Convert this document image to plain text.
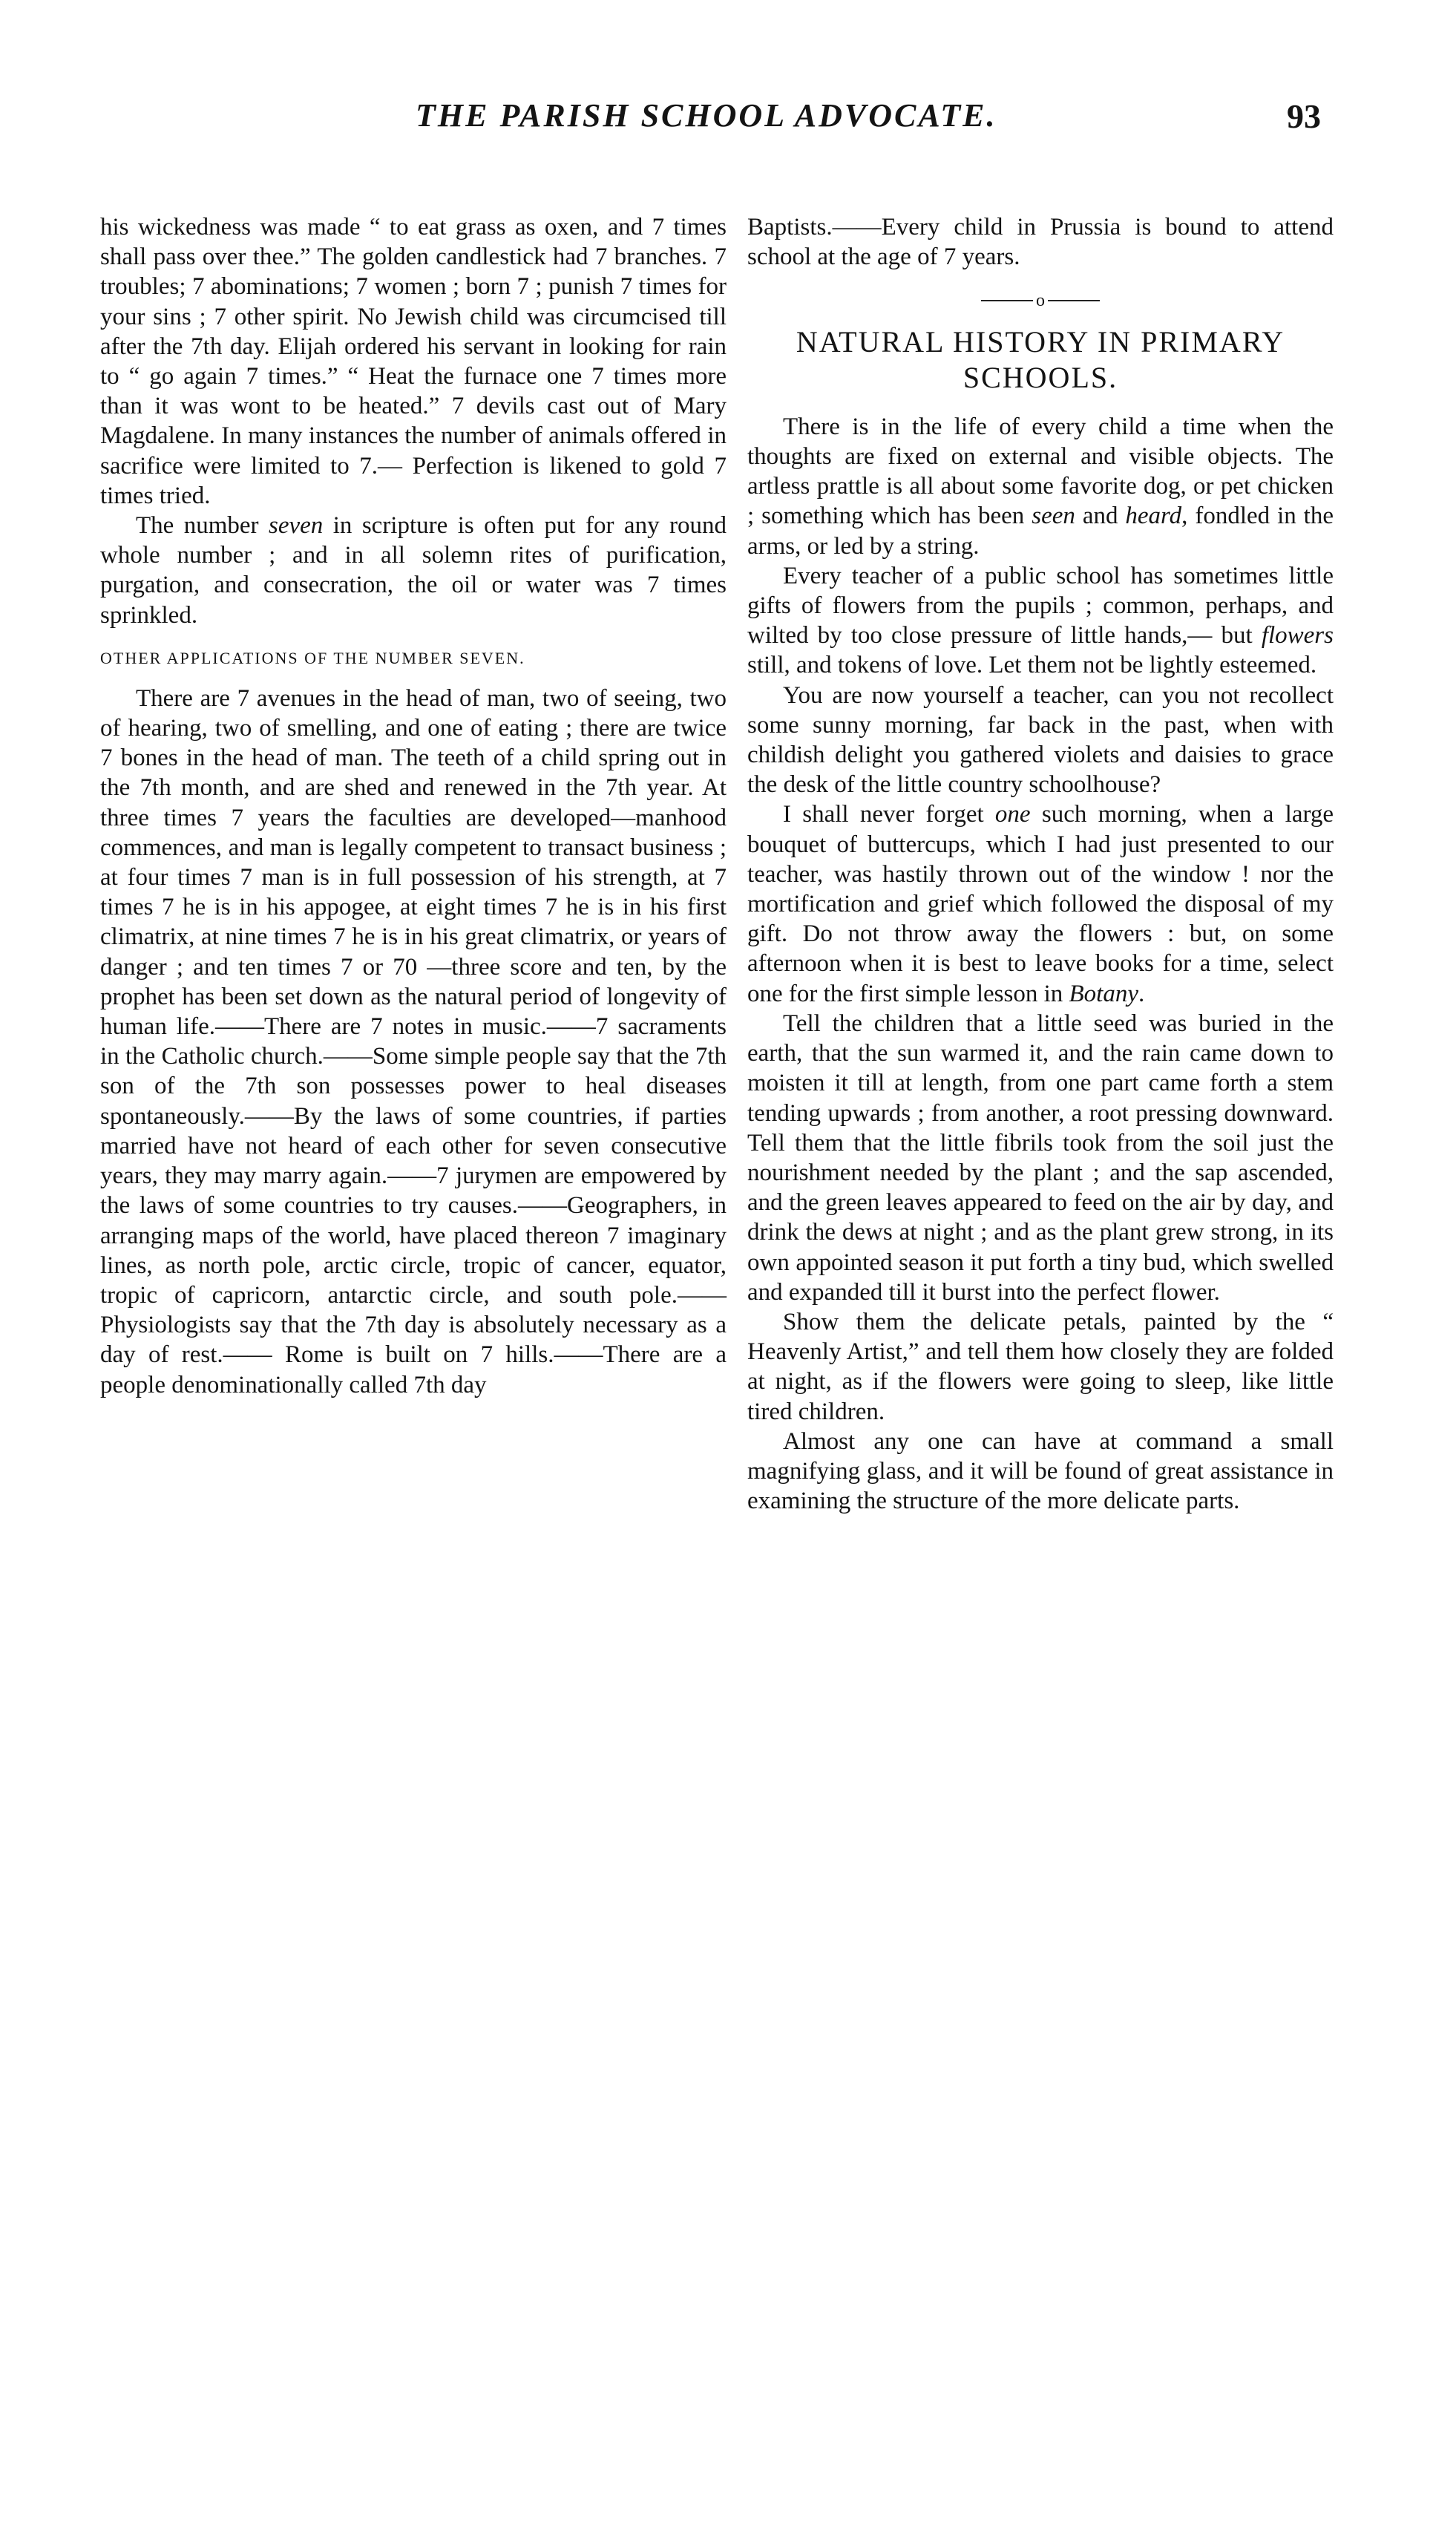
THE PARISH SCHOOL ADVOCATE.	93

his wickedness was made “ to eat grass as oxen, and 7 times shall pass over thee.” The golden candlestick had 7 branches. 7 troubles; 7 abominations; 7 women ; born 7 ; punish 7 times for your sins ; 7 other spirit. No Jewish child was circumcised till after the 7th day. Elijah ordered his servant in looking for rain to “ go again 7 times.” “ Heat the furnace one 7 times more than it was wont to be heated.” 7 devils cast out of Mary Magdalene. In many instances the number of animals offered in sacrifice were limited to 7.— Perfection is likened to gold 7 times tried.

The number seven in scripture is often put for any round whole number ; and in all solemn rites of purification, purgation, and consecration, the oil or water was 7 times sprinkled.

OTHER APPLICATIONS OF THE NUMBER SEVEN.

There are 7 avenues in the head of man, two of seeing, two of hearing, two of smelling, and one of eating ; there are twice 7 bones in the head of man. The teeth of a child spring out in the 7th month, and are shed and renewed in the 7th year. At three times 7 years the faculties are developed—manhood commences, and man is legally competent to transact business ; at four times 7 man is in full possession of his strength, at 7 times 7 he is in his appogee, at eight times 7 he is in his first climatrix, at nine times 7 he is in his great climatrix, or years of danger ; and ten times 7 or 70 —three score and ten, by the prophet has been set down as the natural period of longevity of human life.——There are 7 notes in music.——7 sacraments in the Catholic church.——Some simple people say that the 7th son of the 7th son possesses power to heal diseases spontaneously.——By the laws of some countries, if parties married have not heard of each other for seven consecutive years, they may marry again.——7 jurymen are empowered by the laws of some countries to try causes.——Geographers, in arranging maps of the world, have placed thereon 7 imaginary lines, as north pole, arctic circle, tropic of cancer, equator, tropic of capricorn, antarctic circle, and south pole.—— Physiologists say that the 7th day is absolutely necessary as a day of rest.—— Rome is built on 7 hills.——There are a people denominationally called 7th day

Baptists.——Every child in Prussia is bound to attend school at the age of 7 years.

o
NATURAL HISTORY IN PRIMARY
SCHOOLS.

There is in the life of every child a time when the thoughts are fixed on external and visible objects. The artless prattle is all about some favorite dog, or pet chicken ; something which has been seen and heard, fondled in the arms, or led by a string.

Every teacher of a public school has sometimes little gifts of flowers from the pupils ; common, perhaps, and wilted by too close pressure of little hands,— but flowers still, and tokens of love. Let them not be lightly esteemed.

You are now yourself a teacher, can you not recollect some sunny morning, far back in the past, when with childish delight you gathered violets and daisies to grace the desk of the little country schoolhouse?

I shall never forget one such morning, when a large bouquet of buttercups, which I had just presented to our teacher, was hastily thrown out of the window ! nor the mortification and grief which followed the disposal of my gift. Do not throw away the flowers : but, on some afternoon when it is best to leave books for a time, select one for the first simple lesson in Botany.

Tell the children that a little seed was buried in the earth, that the sun warmed it, and the rain came down to moisten it till at length, from one part came forth a stem tending upwards ; from another, a root pressing downward. Tell them that the little fibrils took from the soil just the nourishment needed by the plant ; and the sap ascended, and the green leaves appeared to feed on the air by day, and drink the dews at night ; and as the plant grew strong, in its own appointed season it put forth a tiny bud, which swelled and expanded till it burst into the perfect flower.

Show them the delicate petals, painted by the “ Heavenly Artist,” and tell them how closely they are folded at night, as if the flowers were going to sleep, like little tired children.

Almost any one can have at command a small magnifying glass, and it will be found of great assistance in examining the structure of the more delicate parts.
